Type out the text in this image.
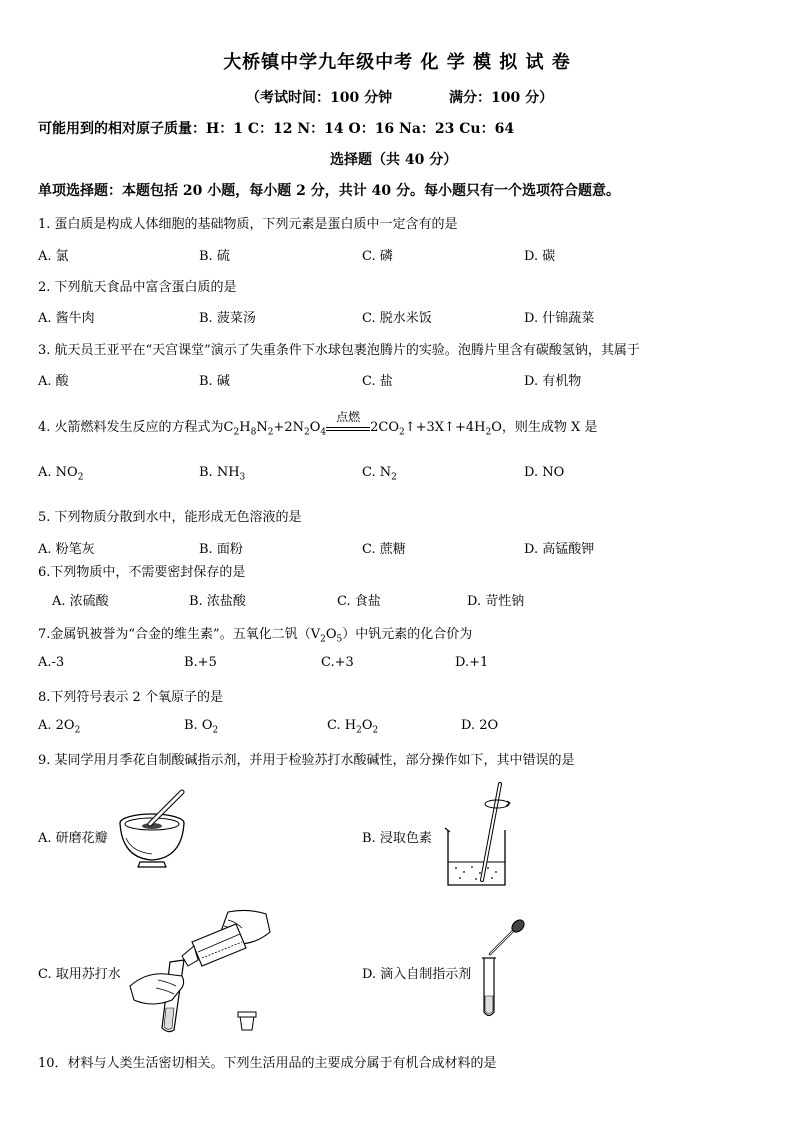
大桥镇中学九年级中考 化 学 模 拟 试 卷
（考试时间：100 分钟	满分：100 分）
可能用到的相对原子质量：H：1 C：12 N：14 O：16 Na：23 Cu：64
选择题（共 40 分）
单项选择题：本题包括 20 小题，每小题 2 分，共计 40 分。每小题只有一个选项符合题意。
1. 蛋白质是构成人体细胞的基础物质，下列元素是蛋白质中一定含有的是
A. 氯	B. 硫	C. 磷	D. 碳
2. 下列航天食品中富含蛋白质的是
A. 酱牛肉	B. 菠菜汤	C. 脱水米饭	D. 什锦蔬菜
3. 航天员王亚平在“天宫课堂”演示了失重条件下水球包裹泡腾片的实验。泡腾片里含有碳酸氢钠，其属于
A. 酸	B. 碱	C. 盐	D. 有机物
4. 火箭燃料发生反应的方程式为$C_2H_8N_2+2N_2O_4$
点燃
$2CO_2↑+3X↑+4H_2O$，则生成物 X 是
A. $NO_2$	B. $NH_3$	C. $N_2$	D. NO
5. 下列物质分散到水中，能形成无色溶液的是
A. 粉笔灰	B. 面粉	C. 蔗糖	D. 高锰酸钾
6.下列物质中，不需要密封保存的是
A. 浓硫酸	B. 浓盐酸	C. 食盐	D. 苛性钠
7.金属钒被誉为“合金的维生素”。五氧化二钒$(V_2O_5)$中钒元素的化合价为
A.-3	B.+5	C.+3	D.+1
8.下列符号表示 2 个氧原子的是
A. $2O_2$	B. $O_2$	C. $H_2O_2$	D. 2O
9. 某同学用月季花自制酸碱指示剂，并用于检验苏打水酸碱性，部分操作如下，其中错误的是
A. 研磨花瓣	B. 浸取色素
C. 取用苏打水	D. 滴入自制指示剂
10．材料与人类生活密切相关。下列生活用品的主要成分属于有机合成材料的是
